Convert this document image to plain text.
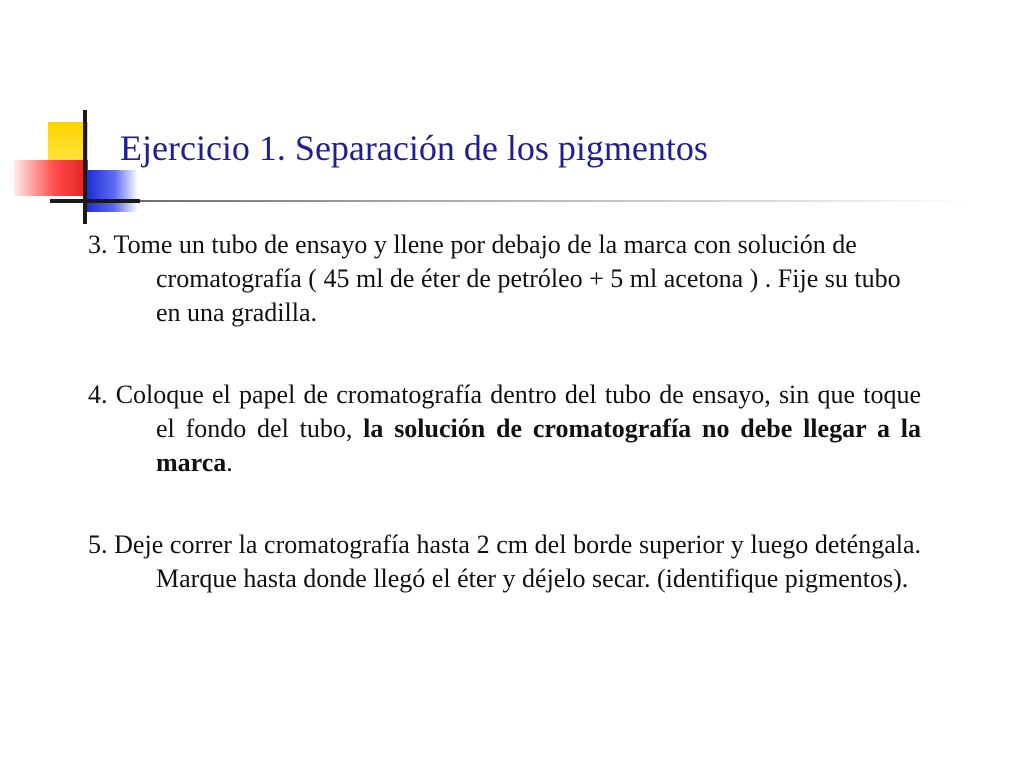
Ejercicio 1. Separación de los pigmentos

3. Tome un tubo de ensayo y llene por debajo de la marca con solución de cromatografía ( 45 ml de éter de petróleo + 5 ml acetona ) . Fije su tubo en una gradilla.

4. Coloque el papel de cromatografía dentro del tubo de ensayo, sin que toque el fondo del tubo, la solución de cromatografía no debe llegar a la marca.

5. Deje correr la cromatografía hasta 2 cm del borde superior y luego deténgala. Marque hasta donde llegó el éter y déjelo secar. (identifique pigmentos).
